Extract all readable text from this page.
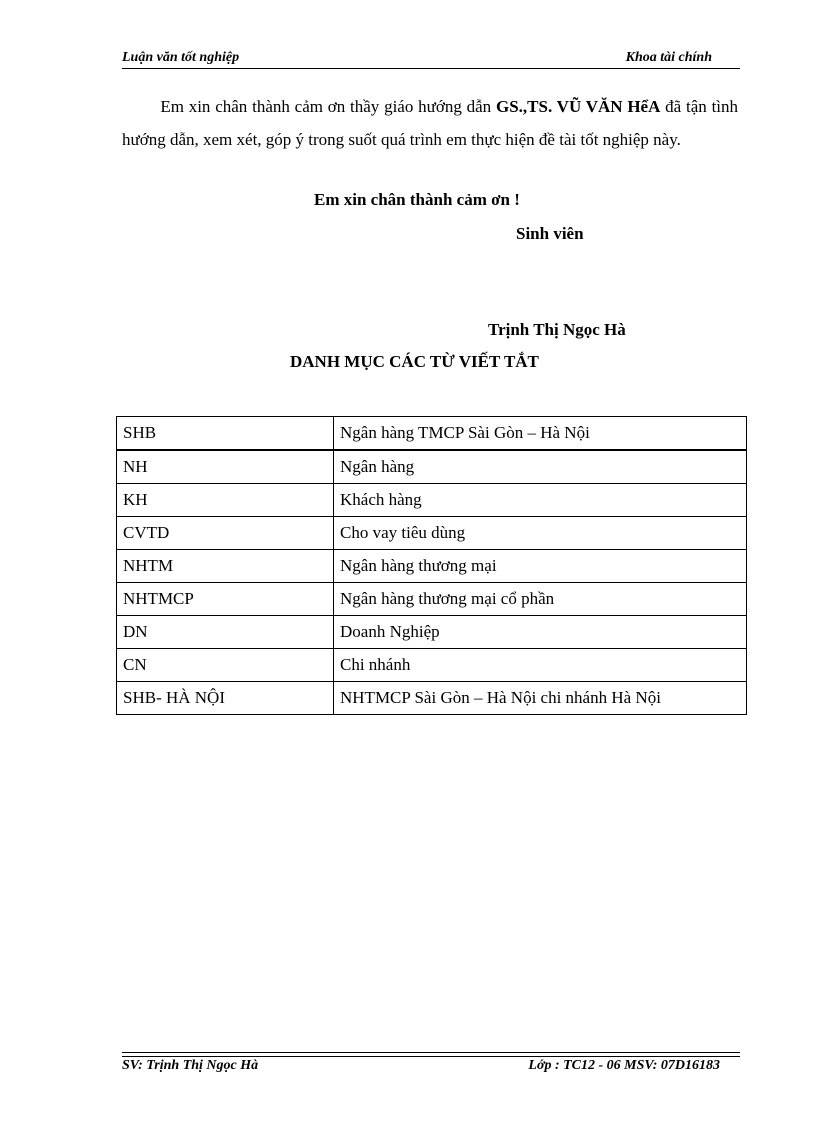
Luận văn tốt nghiệp	Khoa tài chính
Em xin chân thành cảm ơn thầy giáo hướng dẫn GS.,TS. VŨ VĂN HểA đã tận tình hướng dẫn, xem xét, góp ý trong suốt quá trình em thực hiện đề tài tốt nghiệp này.
Em xin chân thành cảm ơn !
Sinh viên
Trịnh Thị Ngọc Hà
DANH MỤC CÁC TỪ VIẾT TẮT
SHB	Ngân hàng TMCP Sài Gòn – Hà Nội
NH	Ngân hàng
KH	Khách hàng
CVTD	Cho vay tiêu dùng
NHTM	Ngân hàng thương mại
NHTMCP	Ngân hàng thương mại cổ phần
DN	Doanh Nghiệp
CN	Chi nhánh
SHB- HÀ NỘI	NHTMCP Sài Gòn – Hà Nội chi nhánh Hà Nội
SV: Trịnh Thị Ngọc Hà	Lớp : TC12 - 06 MSV: 07D16183
